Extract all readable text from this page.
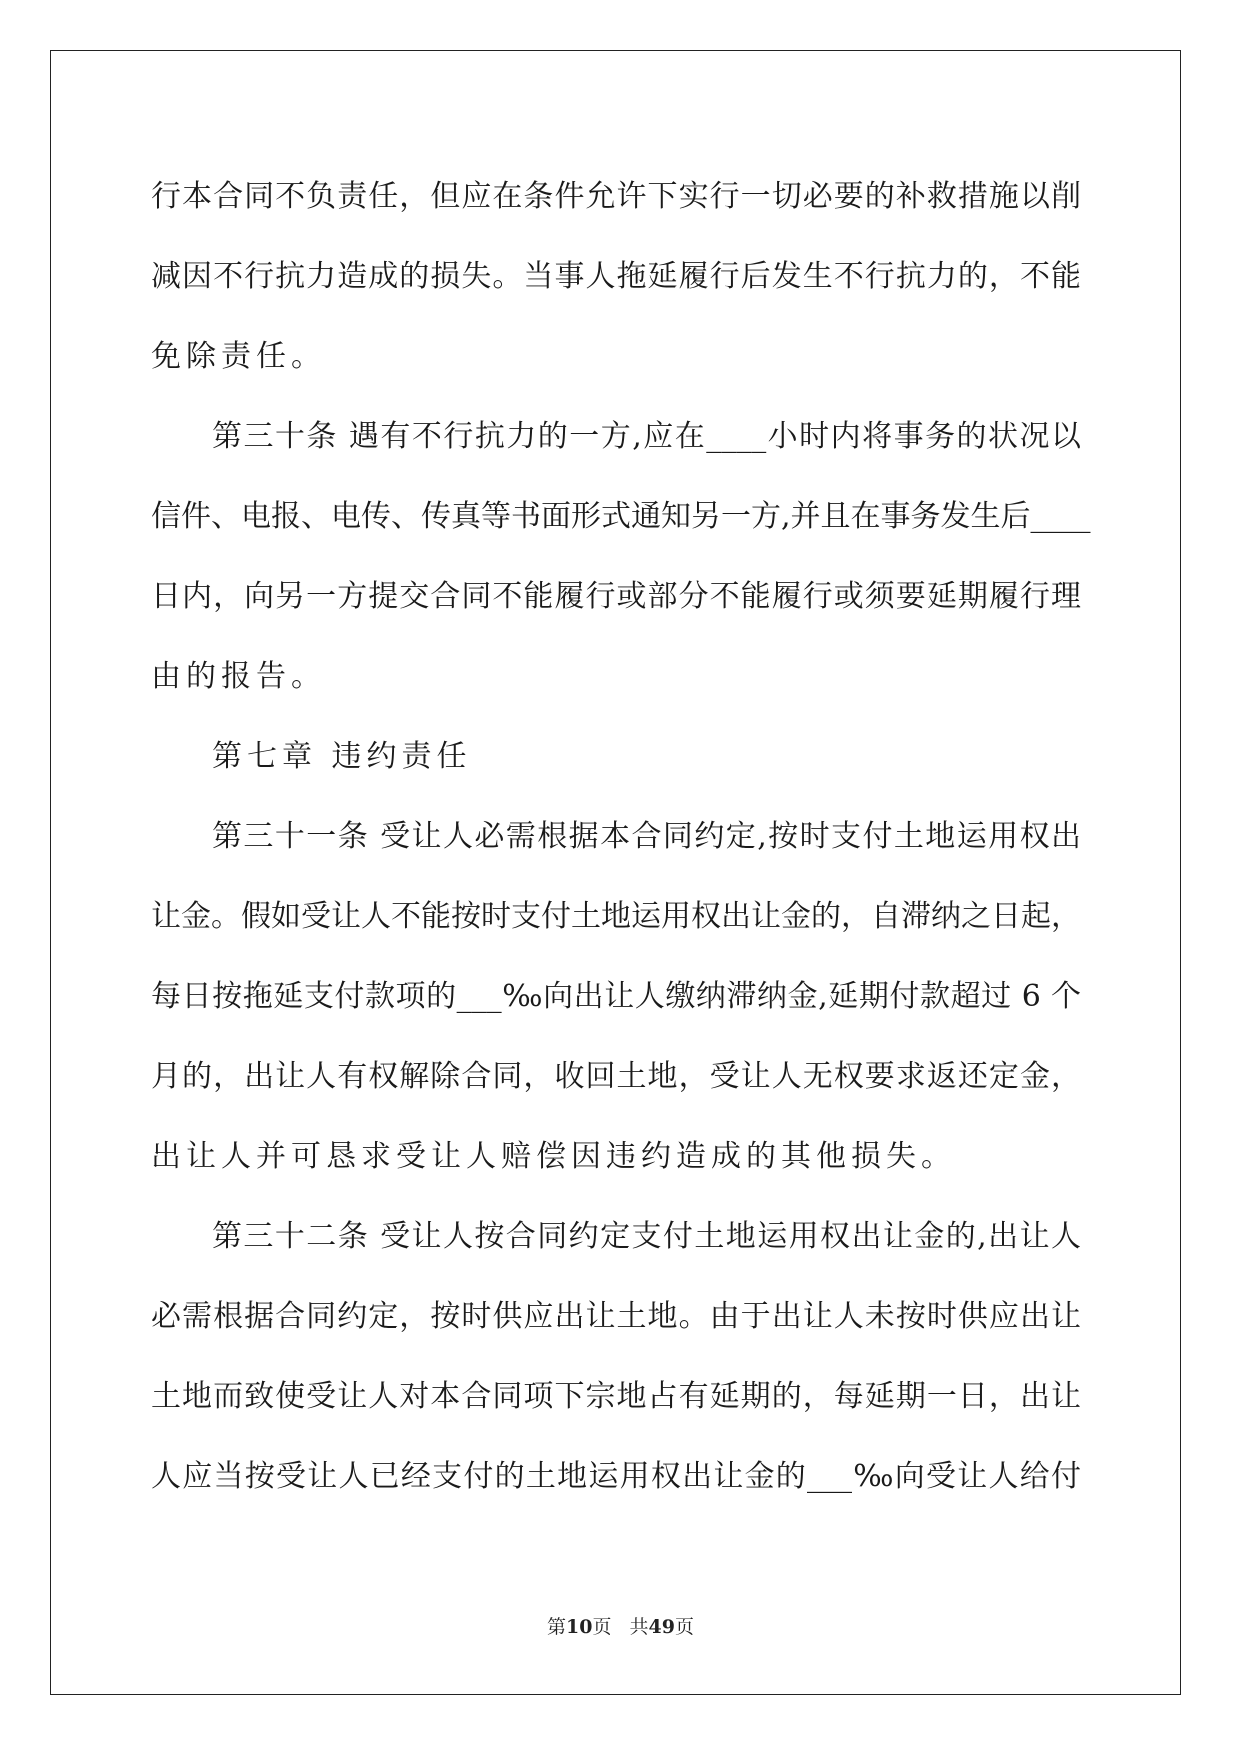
行本合同不负责任，但应在条件允许下实行一切必要的补救措施以削
减因不行抗力造成的损失。当事人拖延履行后发生不行抗力的，不能
免除责任。
第三十条 遇有不行抗力的一方,应在____小时内将事务的状况以
信件、电报、电传、传真等书面形式通知另一方,并且在事务发生后____
日内，向另一方提交合同不能履行或部分不能履行或须要延期履行理
由的报告。
第七章 违约责任
第三十一条 受让人必需根据本合同约定,按时支付土地运用权出
让金。假如受让人不能按时支付土地运用权出让金的，自滞纳之日起，
每日按拖延支付款项的___‰向出让人缴纳滞纳金,延期付款超过 6 个
月的，出让人有权解除合同，收回土地，受让人无权要求返还定金，
出让人并可恳求受让人赔偿因违约造成的其他损失。
第三十二条 受让人按合同约定支付土地运用权出让金的,出让人
必需根据合同约定，按时供应出让土地。由于出让人未按时供应出让
土地而致使受让人对本合同项下宗地占有延期的，每延期一日，出让
人应当按受让人已经支付的土地运用权出让金的___‰向受让人给付
第10页 共49页
